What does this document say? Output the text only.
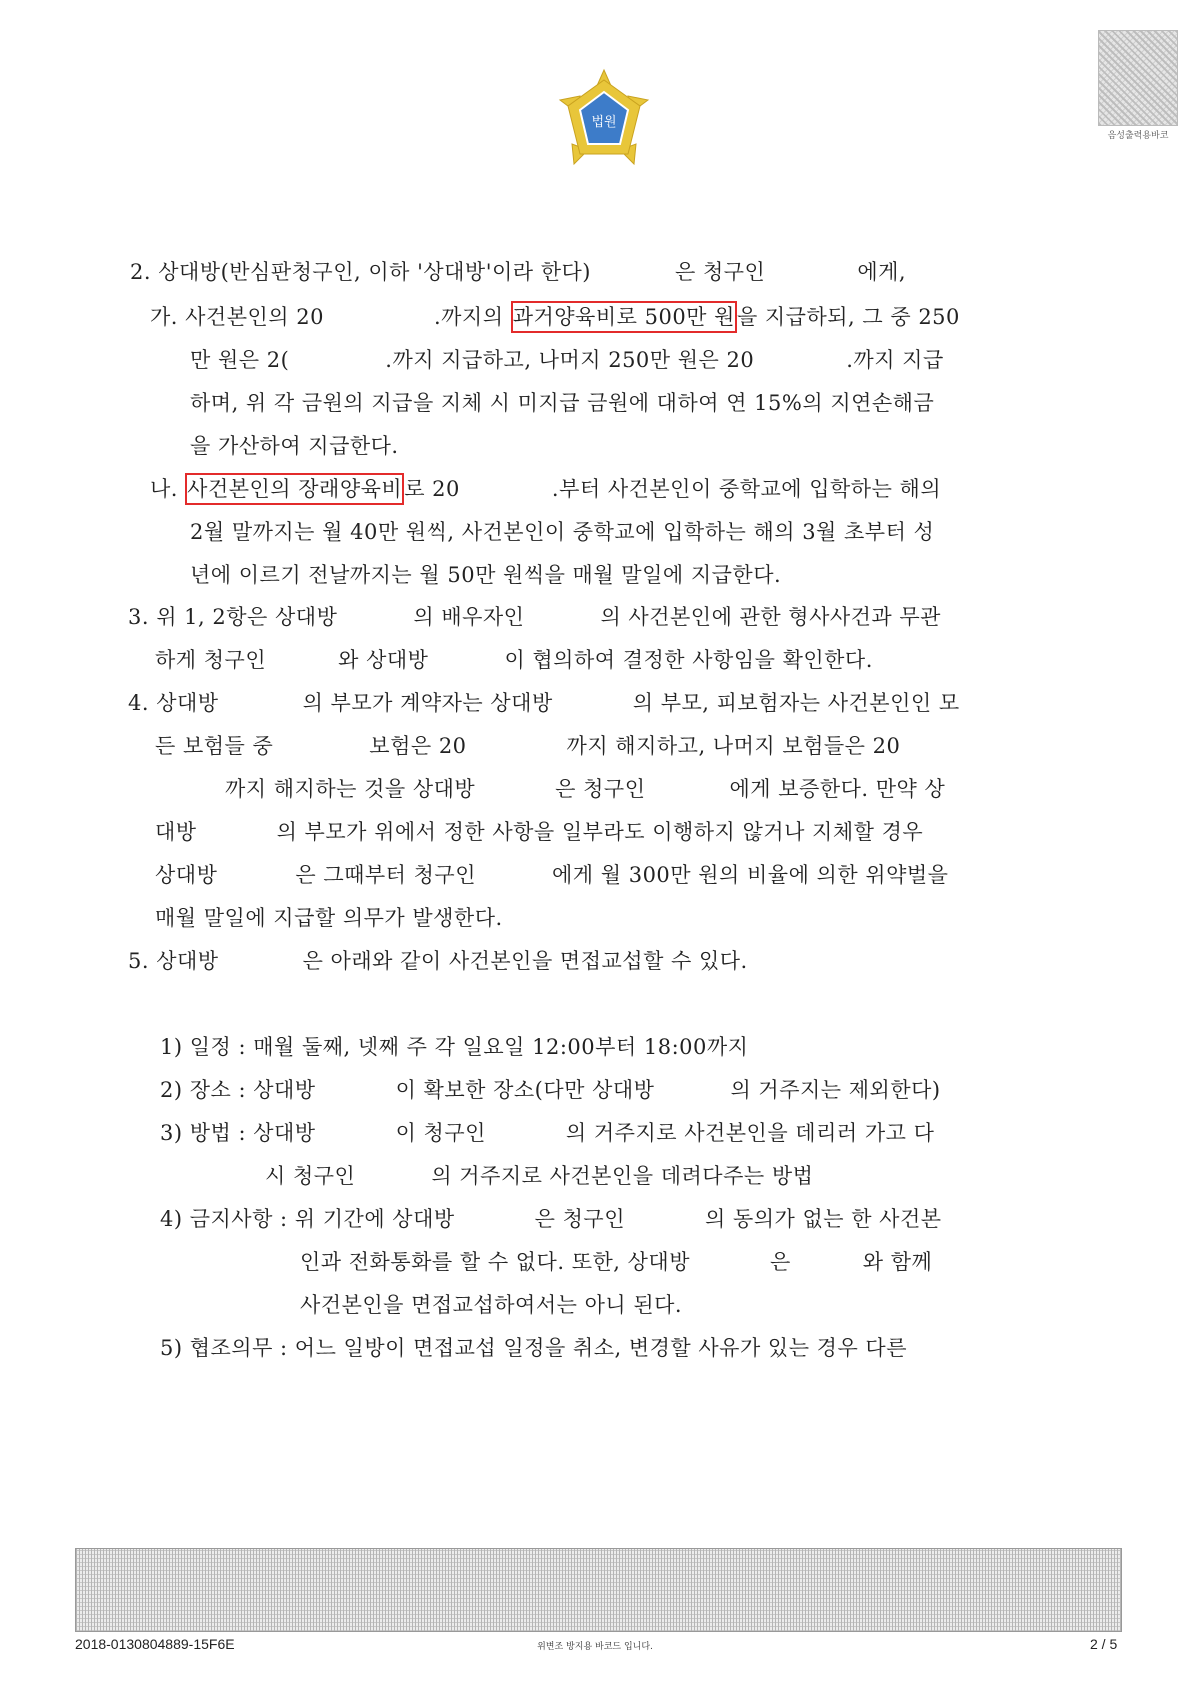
법원
음성출력용바코
2. 상대방(반심판청구인, 이하 '상대방'이라 한다)	은 청구인	에게,
가. 사건본인의 20	.까지의 과거양육비로 500만 원을 지급하되, 그 중 250
만 원은 2(	.까지 지급하고, 나머지 250만 원은 20	.까지 지급
하며, 위 각 금원의 지급을 지체 시 미지급 금원에 대하여 연 15%의 지연손해금
을 가산하여 지급한다.
나. 사건본인의 장래양육비로 20	.부터 사건본인이 중학교에 입학하는 해의
2월 말까지는 월 40만 원씩, 사건본인이 중학교에 입학하는 해의 3월 초부터 성
년에 이르기 전날까지는 월 50만 원씩을 매월 말일에 지급한다.
3. 위 1, 2항은 상대방	의 배우자인	의 사건본인에 관한 형사사건과 무관
하게 청구인	와 상대방	이 협의하여 결정한 사항임을 확인한다.
4. 상대방	의 부모가 계약자는 상대방	의 부모, 피보험자는 사건본인인 모
든 보험들 중	보험은 20	까지 해지하고, 나머지 보험들은 20
까지 해지하는 것을 상대방	은 청구인	에게 보증한다. 만약 상
대방	의 부모가 위에서 정한 사항을 일부라도 이행하지 않거나 지체할 경우
상대방	은 그때부터 청구인	에게 월 300만 원의 비율에 의한 위약벌을
매월 말일에 지급할 의무가 발생한다.
5. 상대방	은 아래와 같이 사건본인을 면접교섭할 수 있다.
1) 일정 : 매월 둘째, 넷째 주 각 일요일 12:00부터 18:00까지
2) 장소 : 상대방	이 확보한 장소(다만 상대방	의 거주지는 제외한다)
3) 방법 : 상대방	이 청구인	의 거주지로 사건본인을 데리러 가고 다
시 청구인	의 거주지로 사건본인을 데려다주는 방법
4) 금지사항 : 위 기간에 상대방	은 청구인	의 동의가 없는 한 사건본
인과 전화통화를 할 수 없다. 또한, 상대방	은	와 함께
사건본인을 면접교섭하여서는 아니 된다.
5) 협조의무 : 어느 일방이 면접교섭 일정을 취소, 변경할 사유가 있는 경우 다른
2018-0130804889-15F6E	위변조 방지용 바코드 입니다.	2 / 5
